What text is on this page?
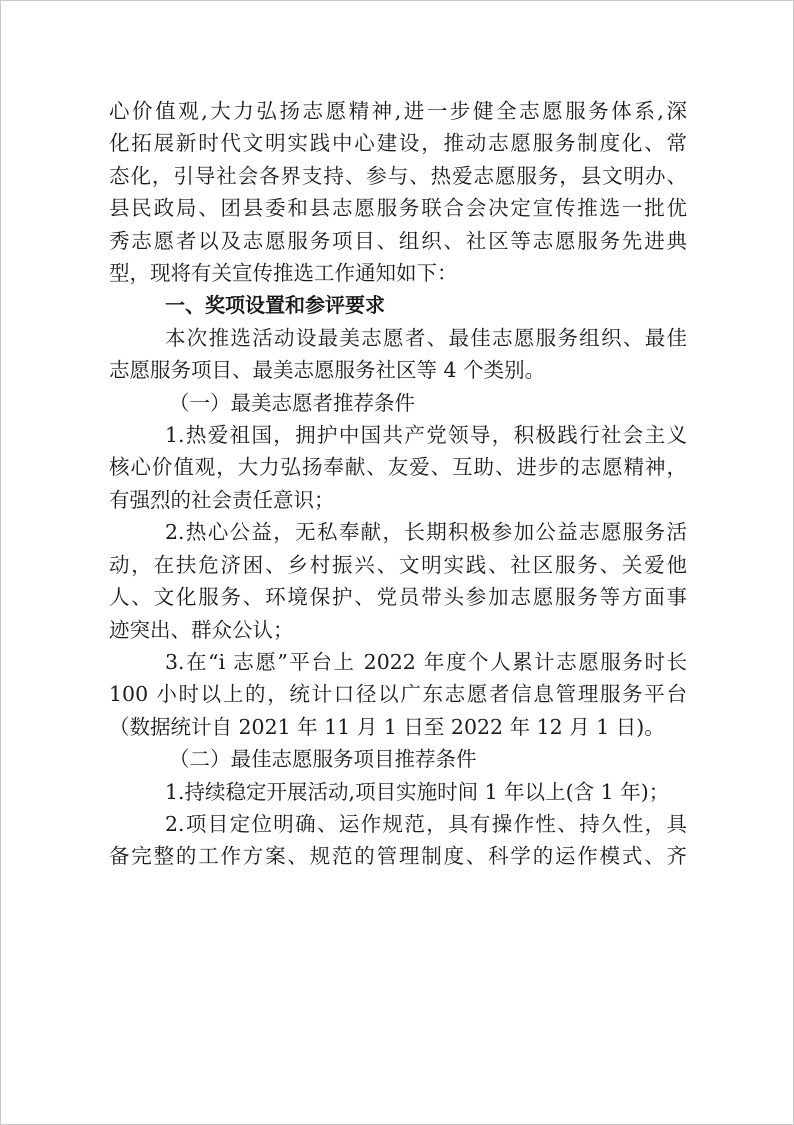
心价值观,大力弘扬志愿精神,进一步健全志愿服务体系,深

化拓展新时代文明实践中心建设，推动志愿服务制度化、常

态化，引导社会各界支持、参与、热爱志愿服务，县文明办、

县民政局、团县委和县志愿服务联合会决定宣传推选一批优

秀志愿者以及志愿服务项目、组织、社区等志愿服务先进典

型，现将有关宣传推选工作通知如下：

一、奖项设置和参评要求

本次推选活动设最美志愿者、最佳志愿服务组织、最佳

志愿服务项目、最美志愿服务社区等 4 个类别。

（一）最美志愿者推荐条件

1.热爱祖国，拥护中国共产党领导，积极践行社会主义

核心价值观，大力弘扬奉献、友爱、互助、进步的志愿精神，

有强烈的社会责任意识；

2.热心公益，无私奉献，长期积极参加公益志愿服务活

动，在扶危济困、乡村振兴、文明实践、社区服务、关爱他

人、文化服务、环境保护、党员带头参加志愿服务等方面事

迹突出、群众公认；

3.在“i 志愿”平台上 2022 年度个人累计志愿服务时长

100 小时以上的，统计口径以广东志愿者信息管理服务平台

（数据统计自 2021 年 11 月 1 日至 2022 年 12 月 1 日)。

（二）最佳志愿服务项目推荐条件

1.持续稳定开展活动,项目实施时间 1 年以上(含 1 年)；

2.项目定位明确、运作规范，具有操作性、持久性，具

备完整的工作方案、规范的管理制度、科学的运作模式、齐
